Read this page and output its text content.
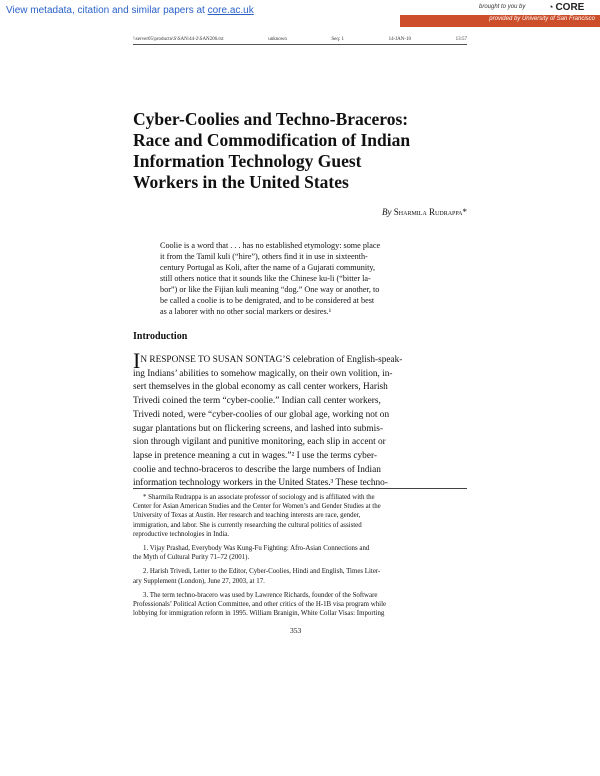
View metadata, citation and similar papers at core.ac.uk	brought to you by	◔ CORE
provided by University of San Francisco
\\server05\productn\S\SAN\44-2\SAN206.txt	unknown	Seq: 1	14-JAN-10	13:57
Cyber-Coolies and Techno-Braceros:
Race and Commodification of Indian
Information Technology Guest
Workers in the United States
By Sharmila Rudrappa*
Coolie is a word that . . . has no established etymology: some place
it from the Tamil kuli (“hire”), others find it in use in sixteenth-
century Portugal as Koli, after the name of a Gujarati community,
still others notice that it sounds like the Chinese ku-li (“bitter la-
bor”) or like the Fijian kuli meaning “dog.” One way or another, to
be called a coolie is to be denigrated, and to be considered at best
as a laborer with no other social markers or desires.¹
Introduction
I N RESPONSE TO SUSAN SONTAG’S celebration of English-speak-
ing Indians’ abilities to somehow magically, on their own volition, in-
sert themselves in the global economy as call center workers, Harish
Trivedi coined the term “cyber-coolie.” Indian call center workers,
Trivedi noted, were “cyber-coolies of our global age, working not on
sugar plantations but on flickering screens, and lashed into submis-
sion through vigilant and punitive monitoring, each slip in accent or
lapse in pretence meaning a cut in wages.”² I use the terms cyber-
coolie and techno-braceros to describe the large numbers of Indian
information technology workers in the United States.³ These techno-
* Sharmila Rudrappa is an associate professor of sociology and is affiliated with the
Center for Asian American Studies and the Center for Women’s and Gender Studies at the
University of Texas at Austin. Her research and teaching interests are race, gender,
immigration, and labor. She is currently researching the cultural politics of assisted
reproductive technologies in India.
1. Vijay Prashad, Everybody Was Kung-Fu Fighting: Afro-Asian Connections and
the Myth of Cultural Purity 71–72 (2001).
2. Harish Trivedi, Letter to the Editor, Cyber-Coolies, Hindi and English, Times Liter-
ary Supplement (London), June 27, 2003, at 17.
3. The term techno-bracero was used by Lawrence Richards, founder of the Software
Professionals’ Political Action Committee, and other critics of the H-1B visa program while
lobbying for immigration reform in 1995. William Branigin, White Collar Visas: Importing
353
